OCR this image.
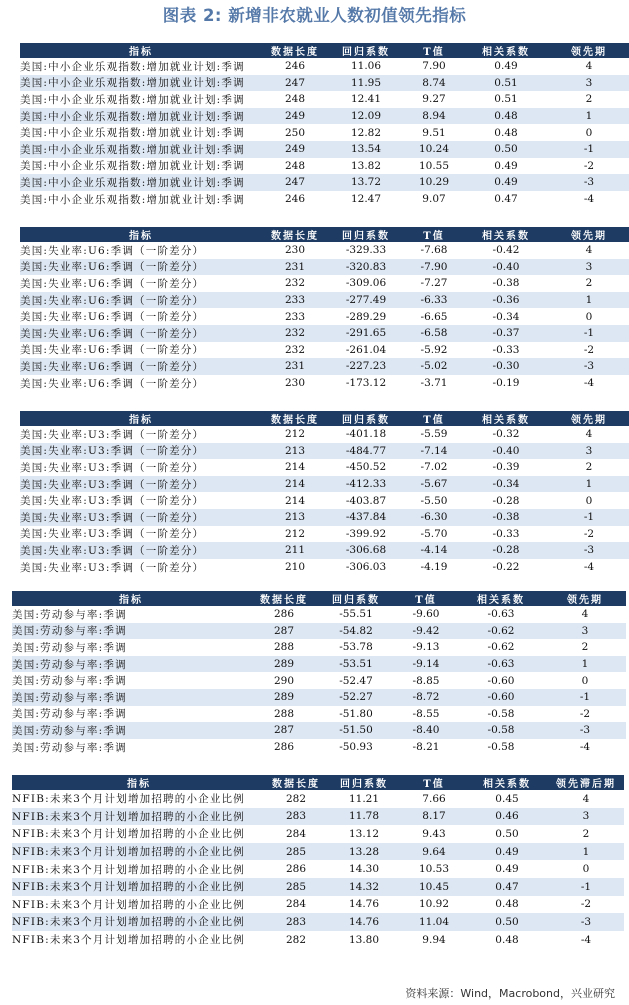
图表 2: 新增非农就业人数初值领先指标
指标	数据长度	回归系数	T值	相关系数	领先期
美国:中小企业乐观指数:增加就业计划:季调	246	11.06	7.90	0.49	4
美国:中小企业乐观指数:增加就业计划:季调	247	11.95	8.74	0.51	3
美国:中小企业乐观指数:增加就业计划:季调	248	12.41	9.27	0.51	2
美国:中小企业乐观指数:增加就业计划:季调	249	12.09	8.94	0.48	1
美国:中小企业乐观指数:增加就业计划:季调	250	12.82	9.51	0.48	0
美国:中小企业乐观指数:增加就业计划:季调	249	13.54	10.24	0.50	-1
美国:中小企业乐观指数:增加就业计划:季调	248	13.82	10.55	0.49	-2
美国:中小企业乐观指数:增加就业计划:季调	247	13.72	10.29	0.49	-3
美国:中小企业乐观指数:增加就业计划:季调	246	12.47	9.07	0.47	-4
指标	数据长度	回归系数	T值	相关系数	领先期
美国:失业率:U6:季调（一阶差分）	230	-329.33	-7.68	-0.42	4
美国:失业率:U6:季调（一阶差分）	231	-320.83	-7.90	-0.40	3
美国:失业率:U6:季调（一阶差分）	232	-309.06	-7.27	-0.38	2
美国:失业率:U6:季调（一阶差分）	233	-277.49	-6.33	-0.36	1
美国:失业率:U6:季调（一阶差分）	233	-289.29	-6.65	-0.34	0
美国:失业率:U6:季调（一阶差分）	232	-291.65	-6.58	-0.37	-1
美国:失业率:U6:季调（一阶差分）	232	-261.04	-5.92	-0.33	-2
美国:失业率:U6:季调（一阶差分）	231	-227.23	-5.02	-0.30	-3
美国:失业率:U6:季调（一阶差分）	230	-173.12	-3.71	-0.19	-4
指标	数据长度	回归系数	T值	相关系数	领先期
美国:失业率:U3:季调（一阶差分）	212	-401.18	-5.59	-0.32	4
美国:失业率:U3:季调（一阶差分）	213	-484.77	-7.14	-0.40	3
美国:失业率:U3:季调（一阶差分）	214	-450.52	-7.02	-0.39	2
美国:失业率:U3:季调（一阶差分）	214	-412.33	-5.67	-0.34	1
美国:失业率:U3:季调（一阶差分）	214	-403.87	-5.50	-0.28	0
美国:失业率:U3:季调（一阶差分）	213	-437.84	-6.30	-0.38	-1
美国:失业率:U3:季调（一阶差分）	212	-399.92	-5.70	-0.33	-2
美国:失业率:U3:季调（一阶差分）	211	-306.68	-4.14	-0.28	-3
美国:失业率:U3:季调（一阶差分）	210	-306.03	-4.19	-0.22	-4
指标	数据长度	回归系数	T值	相关系数	领先期
美国:劳动参与率:季调	286	-55.51	-9.60	-0.63	4
美国:劳动参与率:季调	287	-54.82	-9.42	-0.62	3
美国:劳动参与率:季调	288	-53.78	-9.13	-0.62	2
美国:劳动参与率:季调	289	-53.51	-9.14	-0.63	1
美国:劳动参与率:季调	290	-52.47	-8.85	-0.60	0
美国:劳动参与率:季调	289	-52.27	-8.72	-0.60	-1
美国:劳动参与率:季调	288	-51.80	-8.55	-0.58	-2
美国:劳动参与率:季调	287	-51.50	-8.40	-0.58	-3
美国:劳动参与率:季调	286	-50.93	-8.21	-0.58	-4
指标	数据长度	回归系数	T值	相关系数	领先滞后期
NFIB:未来3个月计划增加招聘的小企业比例	282	11.21	7.66	0.45	4
NFIB:未来3个月计划增加招聘的小企业比例	283	11.78	8.17	0.46	3
NFIB:未来3个月计划增加招聘的小企业比例	284	13.12	9.43	0.50	2
NFIB:未来3个月计划增加招聘的小企业比例	285	13.28	9.64	0.49	1
NFIB:未来3个月计划增加招聘的小企业比例	286	14.30	10.53	0.49	0
NFIB:未来3个月计划增加招聘的小企业比例	285	14.32	10.45	0.47	-1
NFIB:未来3个月计划增加招聘的小企业比例	284	14.76	10.92	0.48	-2
NFIB:未来3个月计划增加招聘的小企业比例	283	14.76	11.04	0.50	-3
NFIB:未来3个月计划增加招聘的小企业比例	282	13.80	9.94	0.48	-4
资料来源：Wind，Macrobond，兴业研究
